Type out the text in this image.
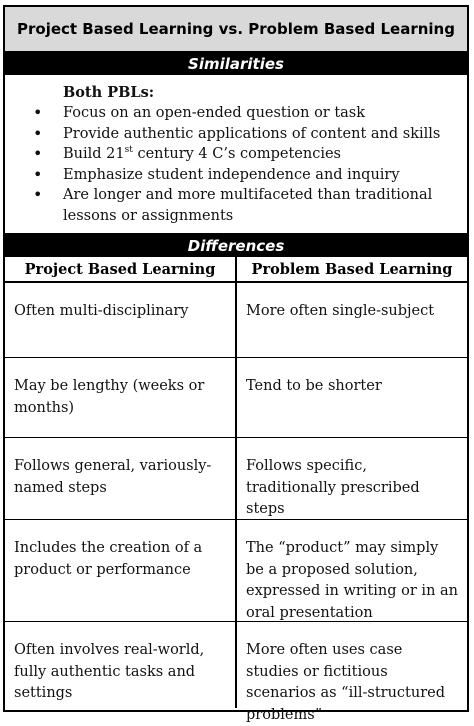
Project Based Learning vs. Problem Based Learning
Similarities
Both PBLs:
• Focus on an open-ended question or task
• Provide authentic applications of content and skills
• Build 21st century 4 C’s competencies
• Emphasize student independence and inquiry
• Are longer and more multifaceted than traditional lessons or assignments
Differences
Project Based Learning	Problem Based Learning
Often multi-disciplinary	More often single-subject
May be lengthy (weeks or months)
Tend to be shorter
Follows general, variously-named steps
Follows specific, traditionally prescribed steps
Includes the creation of a product or performance
The “product” may simply be a proposed solution, expressed in writing or in an oral presentation
Often involves real-world, fully authentic tasks and settings
More often uses case studies or fictitious scenarios as “ill-structured problems”
